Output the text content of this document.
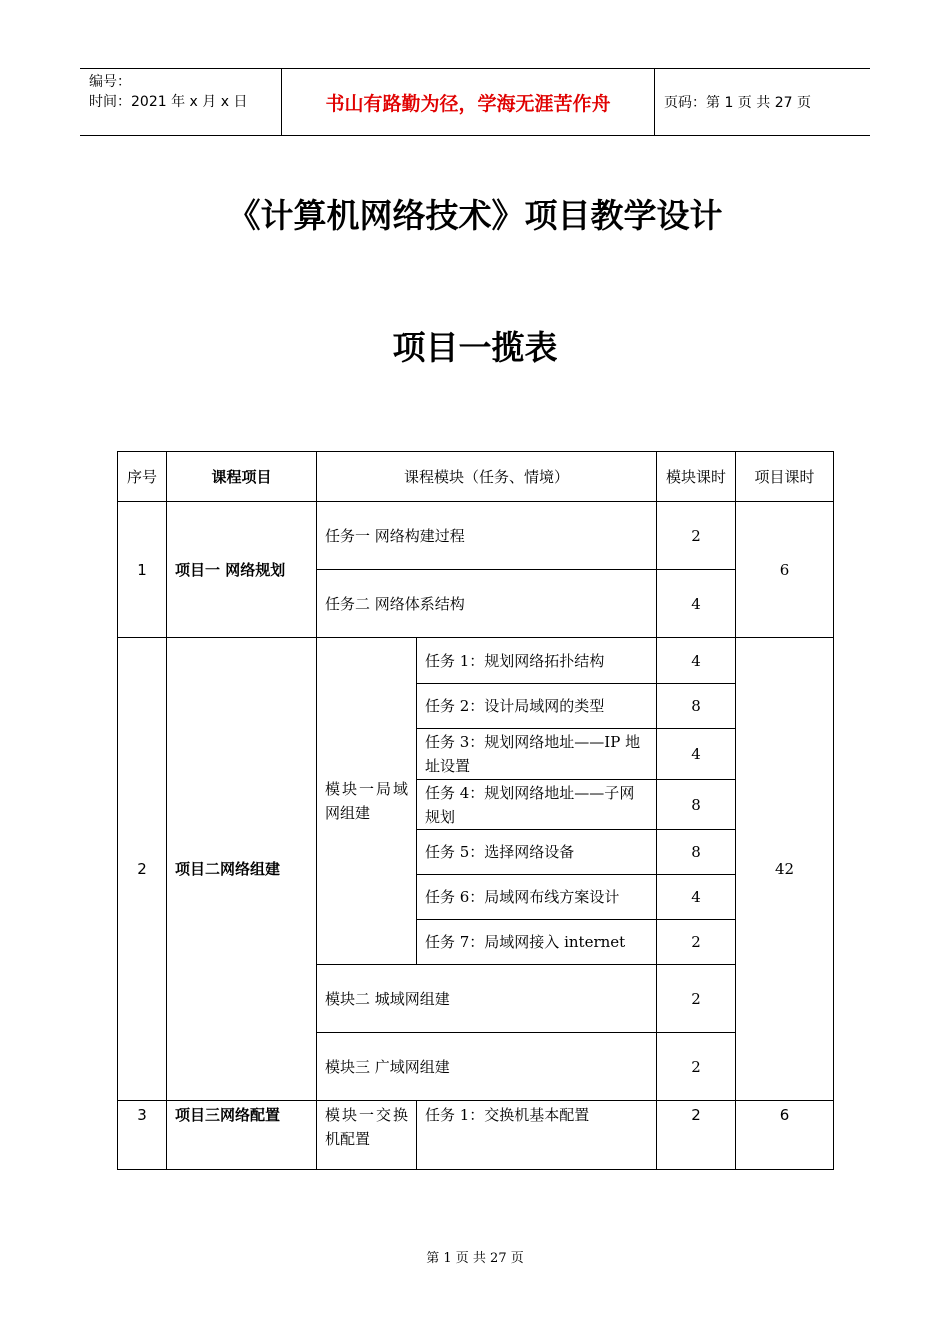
编号：
时间：2021 年 x 月 x 日	书山有路勤为径，学海无涯苦作舟	页码：第 1 页 共 27 页
《计算机网络技术》项目教学设计
项目一揽表
序号	课程项目	课程模块（任务、情境）		模块课时	项目课时
1	项目一 网络规划	任务一 网络构建过程		2	6
		任务二 网络体系结构		4	
2	项目二网络组建	模块一局域网组建	任务 1：规划网络拓扑结构	4	42
			任务 2：设计局域网的类型	8	
			任务 3：规划网络地址——IP 地址设置	4	
			任务 4：规划网络地址——子网规划	8	
			任务 5：选择网络设备	8	
			任务 6：局域网布线方案设计	4	
			任务 7：局域网接入 internet	2	
		模块二 城域网组建		2	
		模块三 广域网组建		2	
3	项目三网络配置	模块一交换机配置	任务 1：交换机基本配置	2	6
第 1 页 共 27 页
